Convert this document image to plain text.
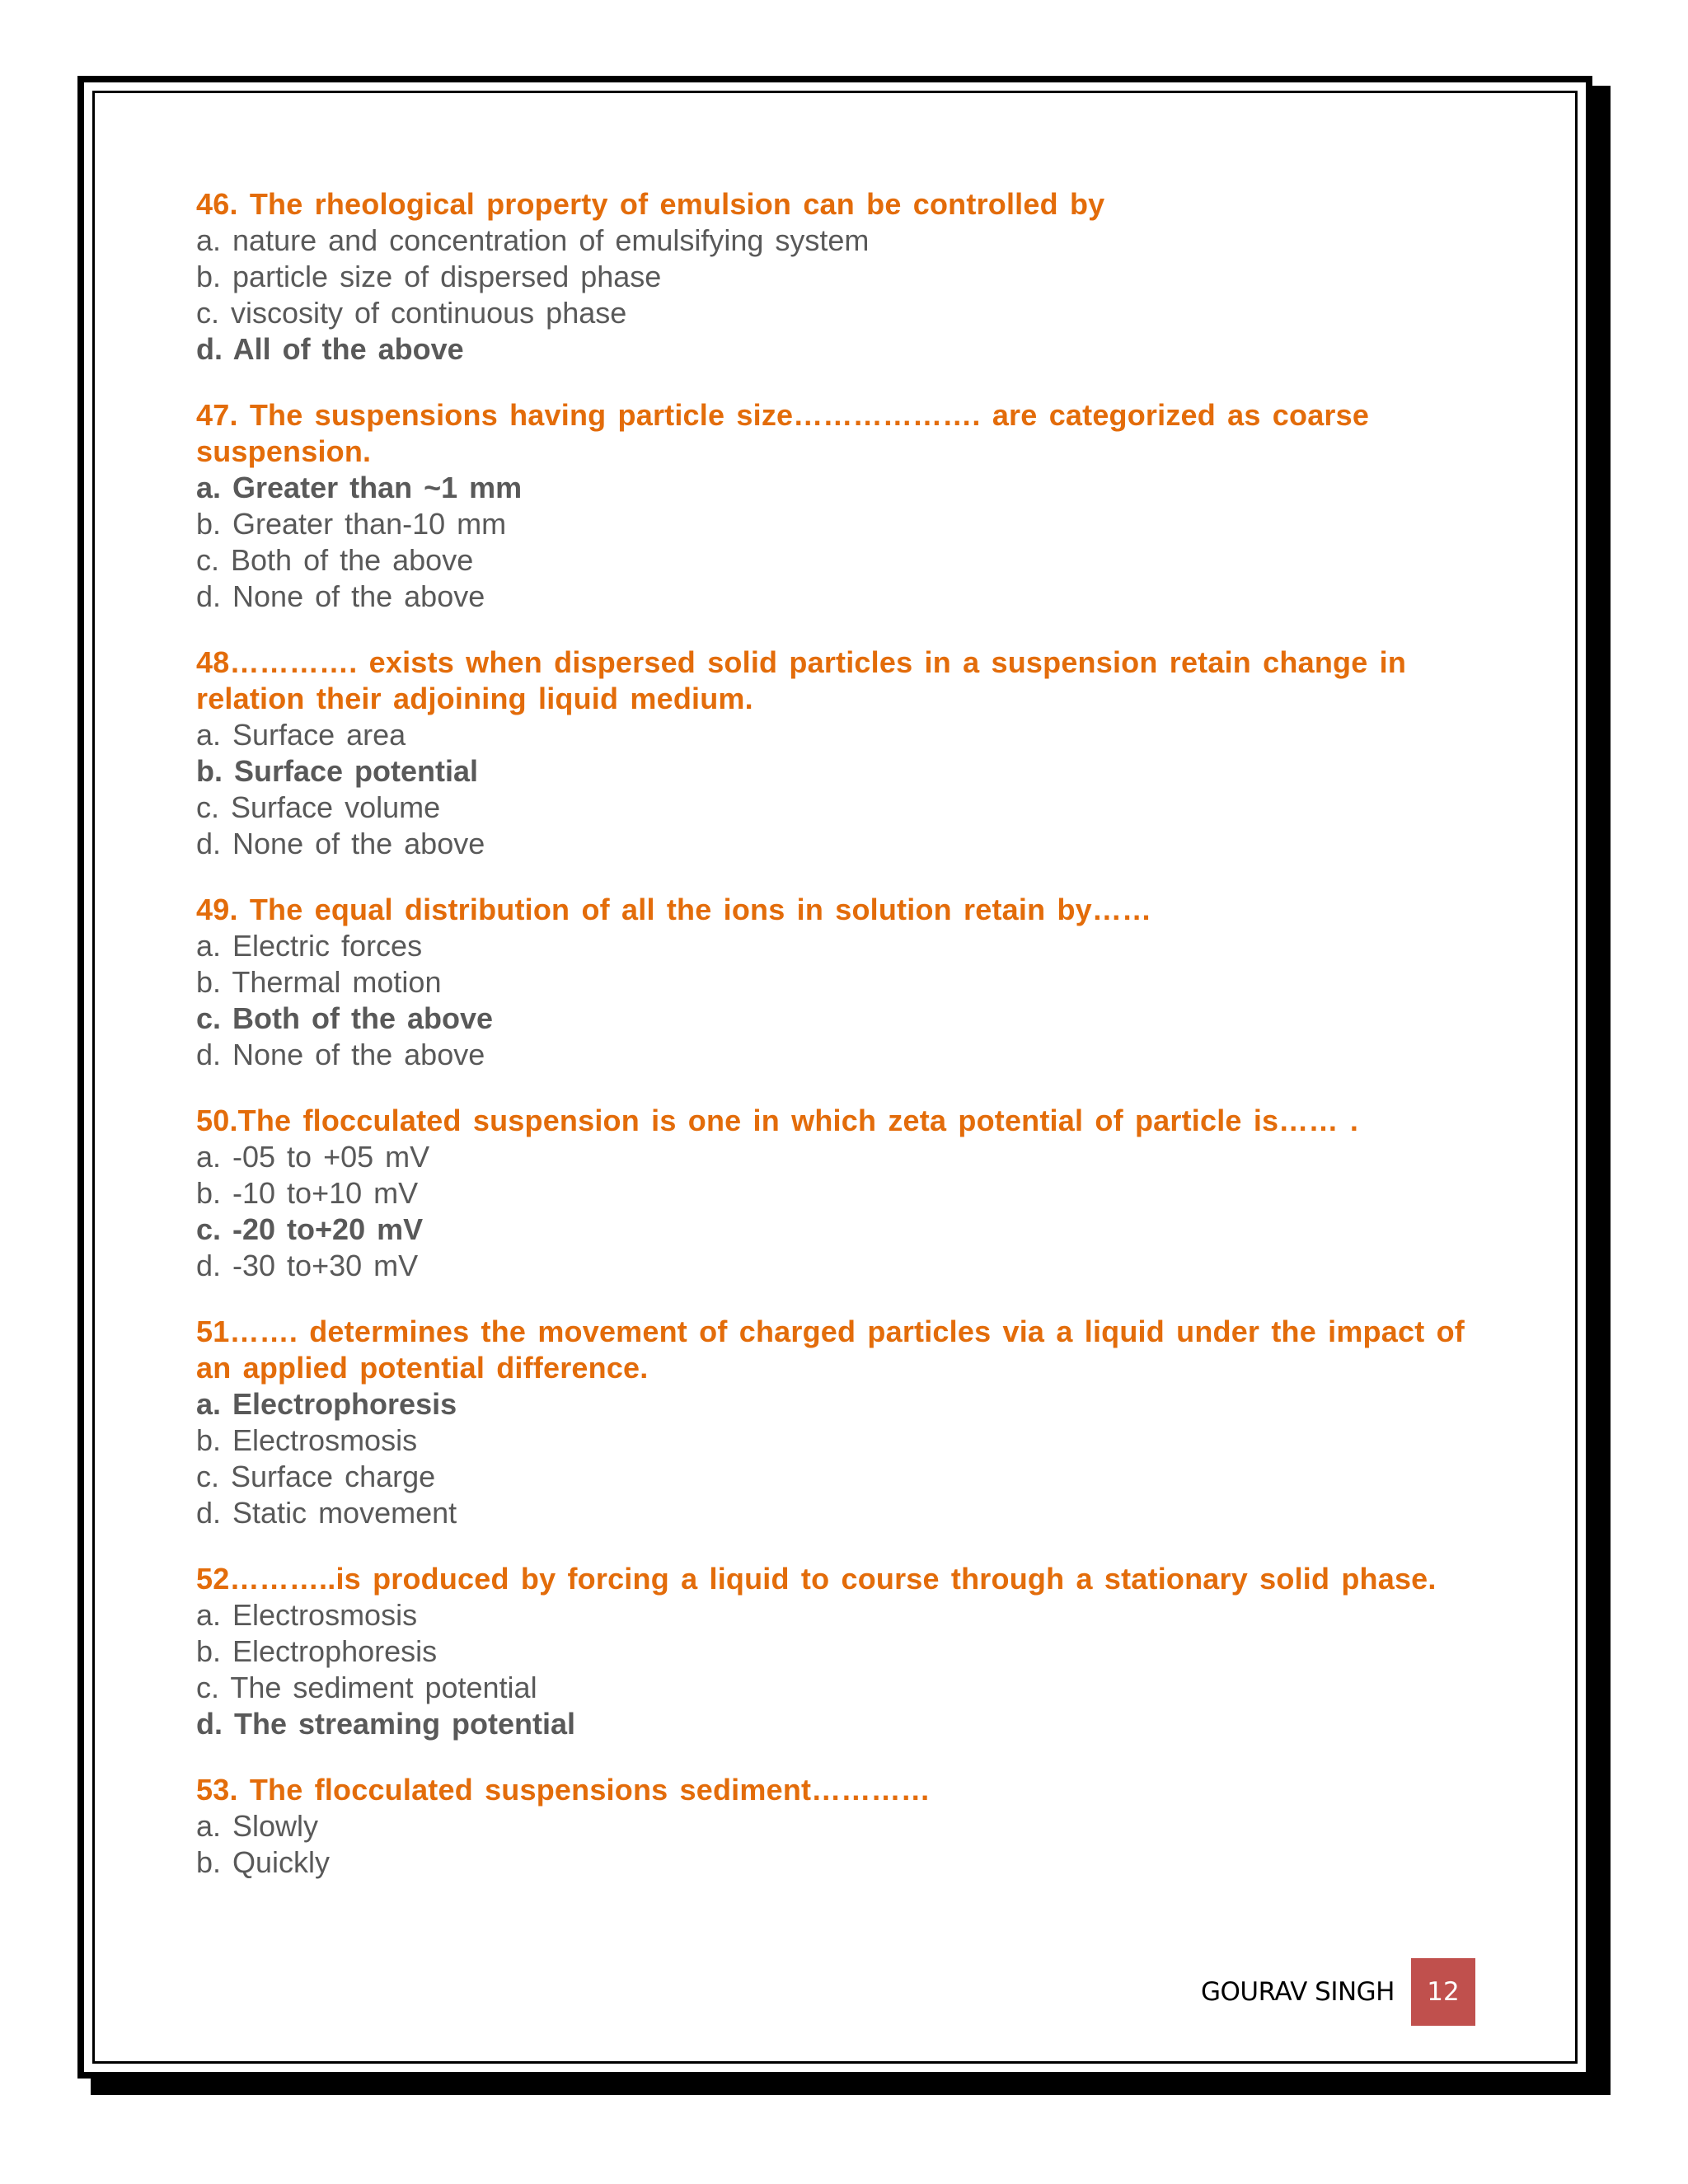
46. The rheological property of emulsion can be controlled by
a. nature and concentration of emulsifying system
b. particle size of dispersed phase
c. viscosity of continuous phase
d. All of the above
47. The suspensions having particle size………………. are categorized as coarse suspension.
a. Greater than ~1 mm
b. Greater than-10 mm
c. Both of the above
d. None of the above
48…………. exists when dispersed solid particles in a suspension retain change in relation their adjoining liquid medium.
a. Surface area
b. Surface potential
c. Surface volume
d. None of the above
49. The equal distribution of all the ions in solution retain by……
a. Electric forces
b. Thermal motion
c. Both of the above
d. None of the above
50.The flocculated suspension is one in which zeta potential of particle is…… .
a. -05 to +05 mV
b. -10 to+10 mV
c. -20 to+20 mV
d. -30 to+30 mV
51……. determines the movement of charged particles via a liquid under the impact of an applied potential difference.
a. Electrophoresis
b. Electrosmosis
c. Surface charge
d. Static movement
52………..is produced by forcing a liquid to course through a stationary solid phase.
a. Electrosmosis
b. Electrophoresis
c. The sediment potential
d. The streaming potential
53. The flocculated suspensions sediment…………
a. Slowly
b. Quickly
GOURAV SINGH	12
